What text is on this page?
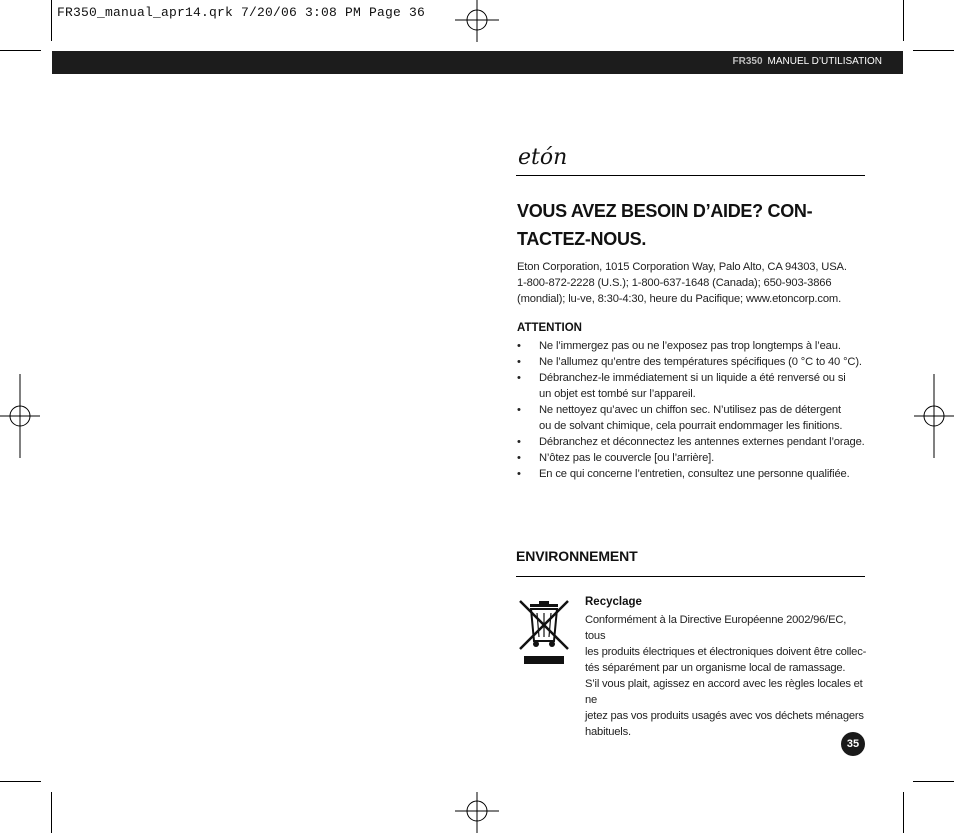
FR350_manual_apr14.qrk 7/20/06 3:08 PM Page 36
FR350 MANUEL D’UTILISATION
etón
VOUS AVEZ BESOIN D’AIDE? CON-
TACTEZ-NOUS.
Eton Corporation, 1015 Corporation Way, Palo Alto, CA 94303, USA.
1-800-872-2228 (U.S.); 1-800-637-1648 (Canada); 650-903-3866
(mondial); lu-ve, 8:30-4:30, heure du Pacifique; www.etoncorp.com.
ATTENTION
• Ne l’immergez pas ou ne l’exposez pas trop longtemps à l’eau.
• Ne l’allumez qu’entre des températures spécifiques (0 °C to 40 °C).
• Débranchez-le immédiatement si un liquide a été renversé ou si
un objet est tombé sur l’appareil.
• Ne nettoyez qu’avec un chiffon sec. N’utilisez pas de détergent
ou de solvant chimique, cela pourrait endommager les finitions.
• Débranchez et déconnectez les antennes externes pendant l’orage.
• N’ôtez pas le couvercle [ou l’arrière].
• En ce qui concerne l’entretien, consultez une personne qualifiée.
ENVIRONNEMENT
Recyclage
Conformément à la Directive Européenne 2002/96/EC, tous
les produits électriques et électroniques doivent être collec-
tés séparément par un organisme local de ramassage.
S’il vous plait, agissez en accord avec les règles locales et ne
jetez pas vos produits usagés avec vos déchets ménagers
habituels.
35
